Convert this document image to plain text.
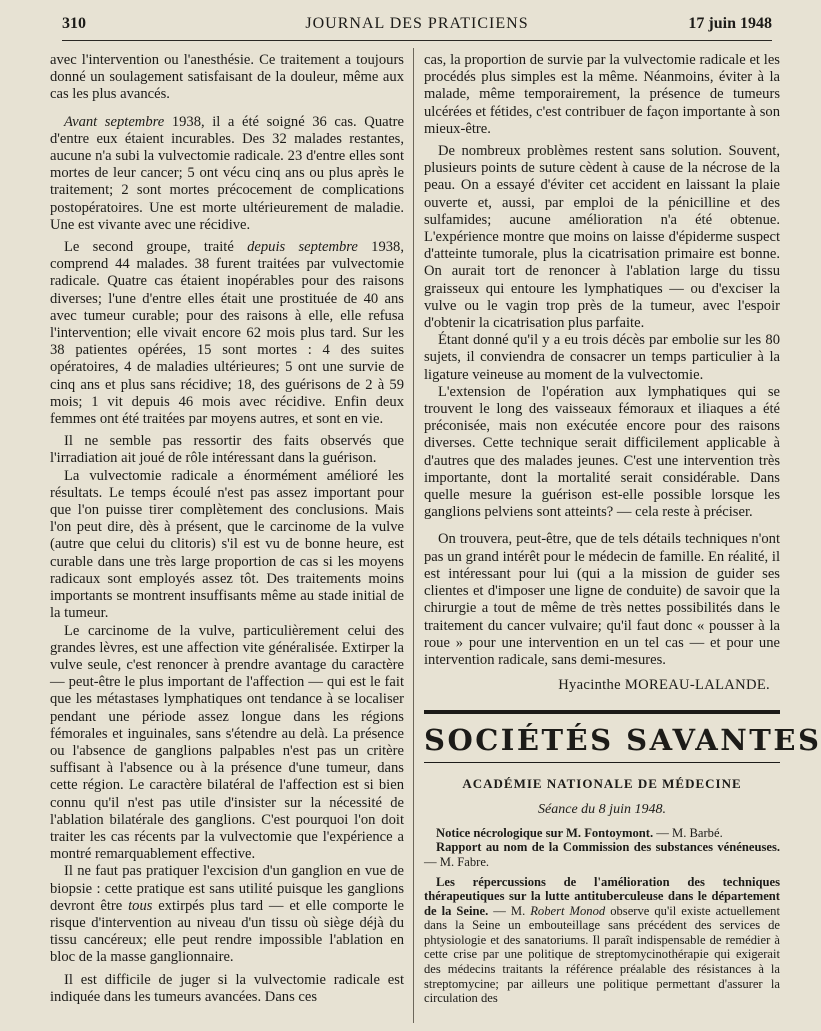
310	JOURNAL DES PRATICIENS	17 juin 1948

avec l'intervention ou l'anesthésie. Ce traitement a toujours donné un soulagement satisfaisant de la douleur, même aux cas les plus avancés.

Avant septembre 1938, il a été soigné 36 cas. Quatre d'entre eux étaient incurables. Des 32 malades restantes, aucune n'a subi la vulvectomie radicale. 23 d'entre elles sont mortes de leur cancer; 5 ont vécu cinq ans ou plus après le traitement; 2 sont mortes précocement de complications postopératoires. Une est morte ultérieurement de maladie. Une est vivante avec une récidive.

Le second groupe, traité depuis septembre 1938, comprend 44 malades. 38 furent traitées par vulvectomie radicale. Quatre cas étaient inopérables pour des raisons diverses; l'une d'entre elles était une prostituée de 40 ans avec tumeur curable; pour des raisons à elle, elle refusa l'intervention; elle vivait encore 62 mois plus tard. Sur les 38 patientes opérées, 15 sont mortes : 4 des suites opératoires, 4 de maladies ultérieures; 5 ont une survie de cinq ans et plus sans récidive; 18, des guérisons de 2 à 59 mois; 1 vit depuis 46 mois avec récidive. Enfin deux femmes ont été traitées par moyens autres, et sont en vie.

Il ne semble pas ressortir des faits observés que l'irradiation ait joué de rôle intéressant dans la guérison.

La vulvectomie radicale a énormément amélioré les résultats. Le temps écoulé n'est pas assez important pour que l'on puisse tirer complètement des conclusions. Mais l'on peut dire, dès à présent, que le carcinome de la vulve (autre que celui du clitoris) s'il est vu de bonne heure, est curable dans une très large proportion de cas si les moyens radicaux sont employés assez tôt. Des traitements moins importants se montrent insuffisants même au stade initial de la tumeur.

Le carcinome de la vulve, particulièrement celui des grandes lèvres, est une affection vite généralisée. Extirper la vulve seule, c'est renoncer à prendre avantage du caractère — peut-être le plus important de l'affection — qui est le fait que les métastases lymphatiques ont tendance à se localiser pendant une période assez longue dans les régions fémorales et inguinales, sans s'étendre au delà. La présence ou l'absence de ganglions palpables n'est pas un critère suffisant à l'absence ou à la présence d'une tumeur, dans cette région. Le caractère bilatéral de l'affection est si bien connu qu'il n'est pas utile d'insister sur la nécessité de l'ablation bilatérale des ganglions. C'est pourquoi l'on doit traiter les cas récents par la vulvectomie que l'expérience a montré remarquablement effective.

Il ne faut pas pratiquer l'excision d'un ganglion en vue de biopsie : cette pratique est sans utilité puisque les ganglions devront être tous extirpés plus tard — et elle comporte le risque d'intervention au niveau d'un tissu où siège déjà du tissu cancéreux; elle peut rendre impossible l'ablation en bloc de la masse ganglionnaire.

Il est difficile de juger si la vulvectomie radicale est indiquée dans les tumeurs avancées. Dans ces

cas, la proportion de survie par la vulvectomie radicale et les procédés plus simples est la même. Néanmoins, éviter à la malade, même temporairement, la présence de tumeurs ulcérées et fétides, c'est contribuer de façon importante à son mieux-être.

De nombreux problèmes restent sans solution. Souvent, plusieurs points de suture cèdent à cause de la nécrose de la peau. On a essayé d'éviter cet accident en laissant la plaie ouverte et, aussi, par emploi de la pénicilline et des sulfamides; aucune amélioration n'a été obtenue. L'expérience montre que moins on laisse d'épiderme suspect d'atteinte tumorale, plus la cicatrisation primaire est bonne. On aurait tort de renoncer à l'ablation large du tissu graisseux qui entoure les lymphatiques — ou d'exciser la vulve ou le vagin trop près de la tumeur, avec l'espoir d'obtenir la cicatrisation plus parfaite.

Étant donné qu'il y a eu trois décès par embolie sur les 80 sujets, il conviendra de consacrer un temps particulier à la ligature veineuse au moment de la vulvectomie.

L'extension de l'opération aux lymphatiques qui se trouvent le long des vaisseaux fémoraux et iliaques a été préconisée, mais non exécutée encore pour des raisons diverses. Cette technique serait difficilement applicable à d'autres que des malades jeunes. C'est une intervention très importante, dont la mortalité serait considérable. Dans quelle mesure la guérison est-elle possible lorsque les ganglions pelviens sont atteints? — cela reste à préciser.

On trouvera, peut-être, que de tels détails techniques n'ont pas un grand intérêt pour le médecin de famille. En réalité, il est intéressant pour lui (qui a la mission de guider ses clientes et d'imposer une ligne de conduite) de savoir que la chirurgie a tout de même de très nettes possibilités dans le traitement du cancer vulvaire; qu'il faut donc « pousser à la roue » pour une intervention en un tel cas — et pour une intervention radicale, sans demi-mesures.

Hyacinthe MOREAU-LALANDE.

SOCIÉTÉS SAVANTES
ACADÉMIE NATIONALE DE MÉDECINE
Séance du 8 juin 1948.

Notice nécrologique sur M. Fontoymont. — M. Barbé.

Rapport au nom de la Commission des substances vénéneuses. — M. Fabre.

Les répercussions de l'amélioration des techniques thérapeutiques sur la lutte antituberculeuse dans le département de la Seine. — M. Robert Monod observe qu'il existe actuellement dans la Seine un embouteillage sans précédent des services de phtysiologie et des sanatoriums. Il paraît indispensable de remédier à cette crise par une politique de streptomycinothérapie qui exigerait des médecins traitants la référence préalable des résistances à la streptomycine; par ailleurs une politique permettant d'assurer la circulation des
